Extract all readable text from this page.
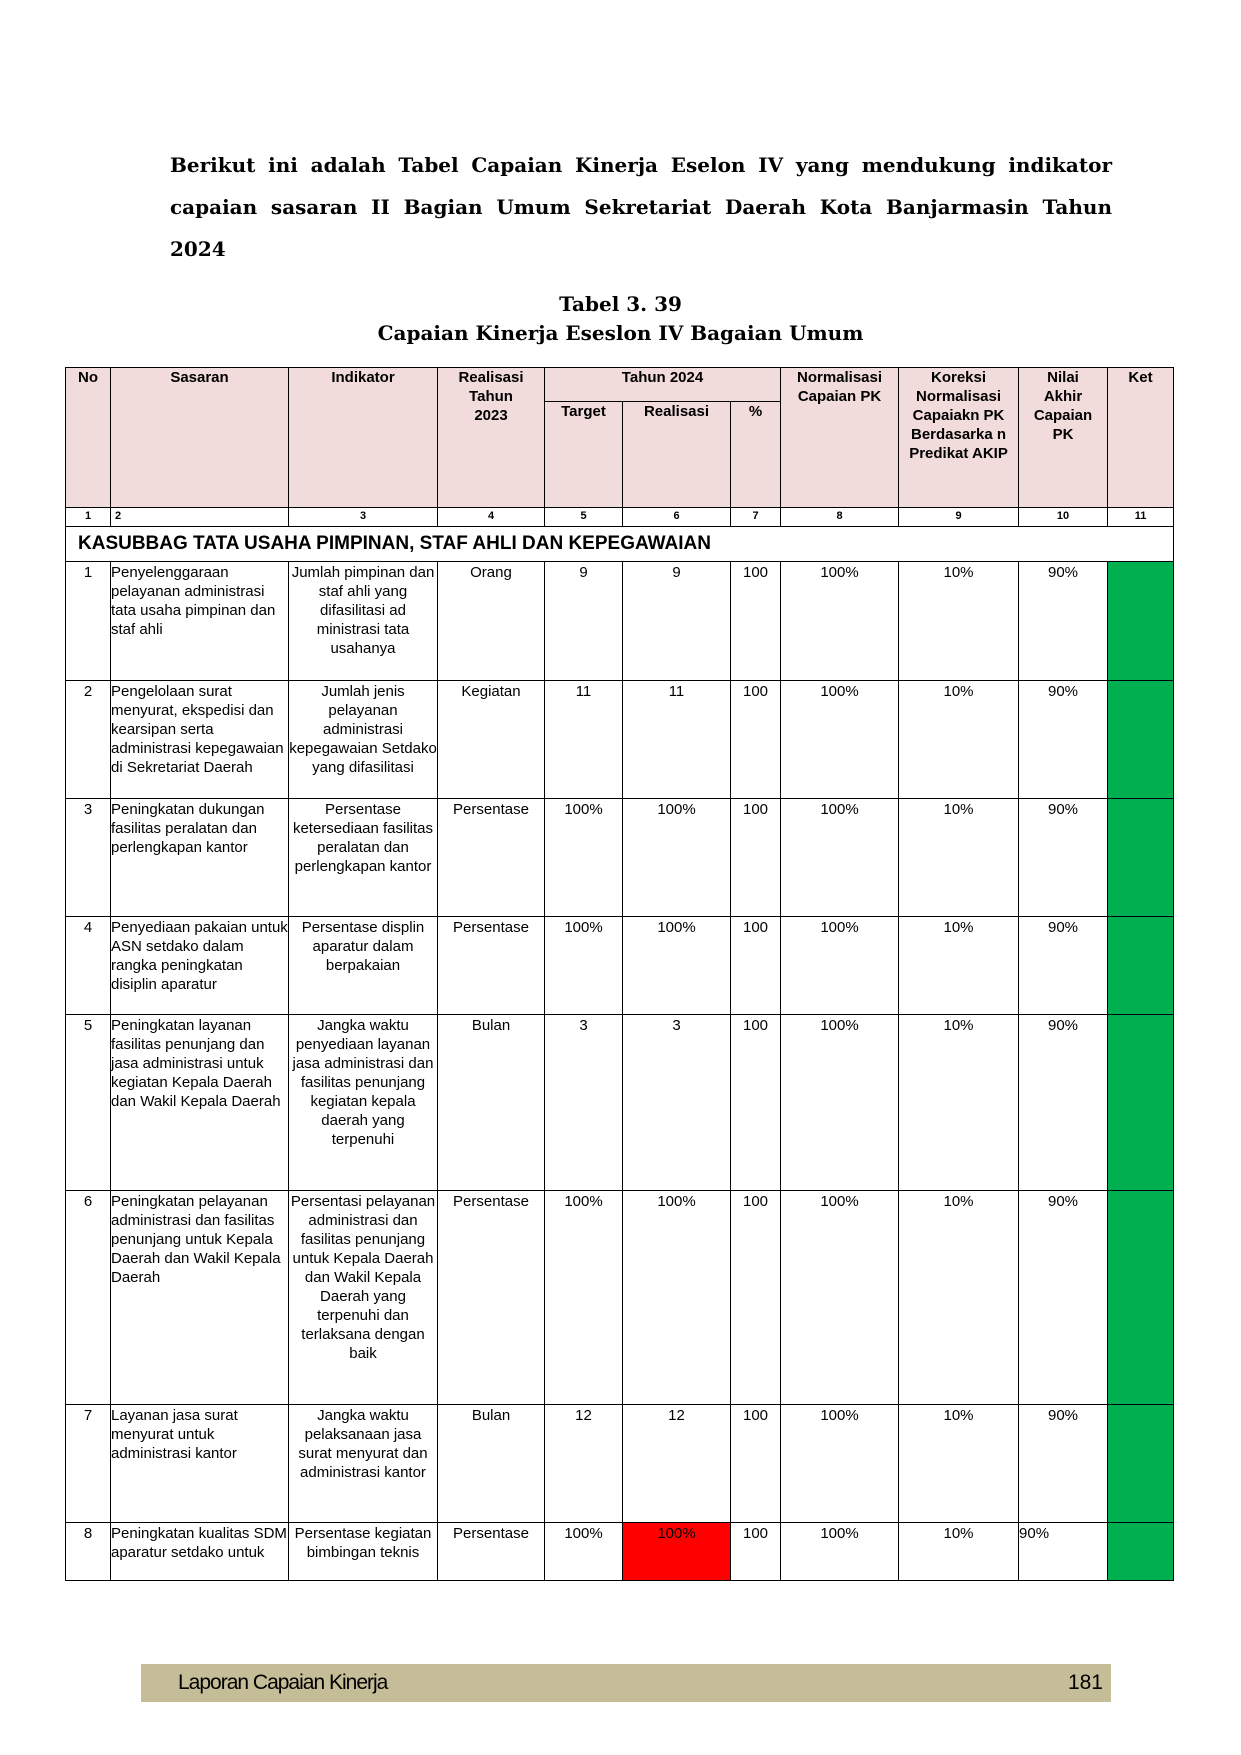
Berikut ini adalah Tabel Capaian Kinerja Eselon IV yang mendukung indikator capaian sasaran II Bagian Umum Sekretariat Daerah Kota Banjarmasin Tahun 2024

Tabel 3. 39
Capaian Kinerja Eseslon IV Bagaian Umum
No	Sasaran	Indikator	Realisasi Tahun 2023	Tahun 2024			Normalisasi Capaian PK	Koreksi Normalisasi Capaiakn PK Berdasarka n Predikat AKIP	Nilai Akhir Capaian PK	Ket
				Target	Realisasi	%				
1	2	3	4	5	6	7	8	9	10	11
KASUBBAG TATA USAHA PIMPINAN, STAF AHLI DAN KEPEGAWAIAN										
1	Penyelenggaraan pelayanan administrasi tata usaha pimpinan dan staf ahli	Jumlah pimpinan dan staf ahli yang difasilitasi ad ministrasi tata usahanya	Orang	9	9	100	100%	10%	90%	
2	Pengelolaan surat menyurat, ekspedisi dan kearsipan serta administrasi kepegawaian di Sekretariat Daerah	Jumlah jenis pelayanan administrasi kepegawaian Setdako yang difasilitasi	Kegiatan	11	11	100	100%	10%	90%	
3	Peningkatan dukungan fasilitas peralatan dan perlengkapan kantor	Persentase ketersediaan fasilitas peralatan dan perlengkapan kantor	Persentase	100%	100%	100	100%	10%	90%	
4	Penyediaan pakaian untuk ASN setdako dalam rangka peningkatan disiplin aparatur	Persentase displin aparatur dalam berpakaian	Persentase	100%	100%	100	100%	10%	90%	
5	Peningkatan layanan fasilitas penunjang dan jasa administrasi untuk kegiatan Kepala Daerah dan Wakil Kepala Daerah	Jangka waktu penyediaan layanan jasa administrasi dan fasilitas penunjang kegiatan kepala daerah yang terpenuhi	Bulan	3	3	100	100%	10%	90%	
6	Peningkatan pelayanan administrasi dan fasilitas penunjang untuk Kepala Daerah dan Wakil Kepala Daerah	Persentasi pelayanan administrasi dan fasilitas penunjang untuk Kepala Daerah dan Wakil Kepala Daerah yang terpenuhi dan terlaksana dengan baik	Persentase	100%	100%	100	100%	10%	90%	
7	Layanan jasa surat menyurat untuk administrasi kantor	Jangka waktu pelaksanaan jasa surat menyurat dan administrasi kantor	Bulan	12	12	100	100%	10%	90%	
8	Peningkatan kualitas SDM aparatur setdako untuk	Persentase kegiatan bimbingan teknis	Persentase	100%	100%	100	100%	10%	90%	
Laporan Capaian Kinerja	181
